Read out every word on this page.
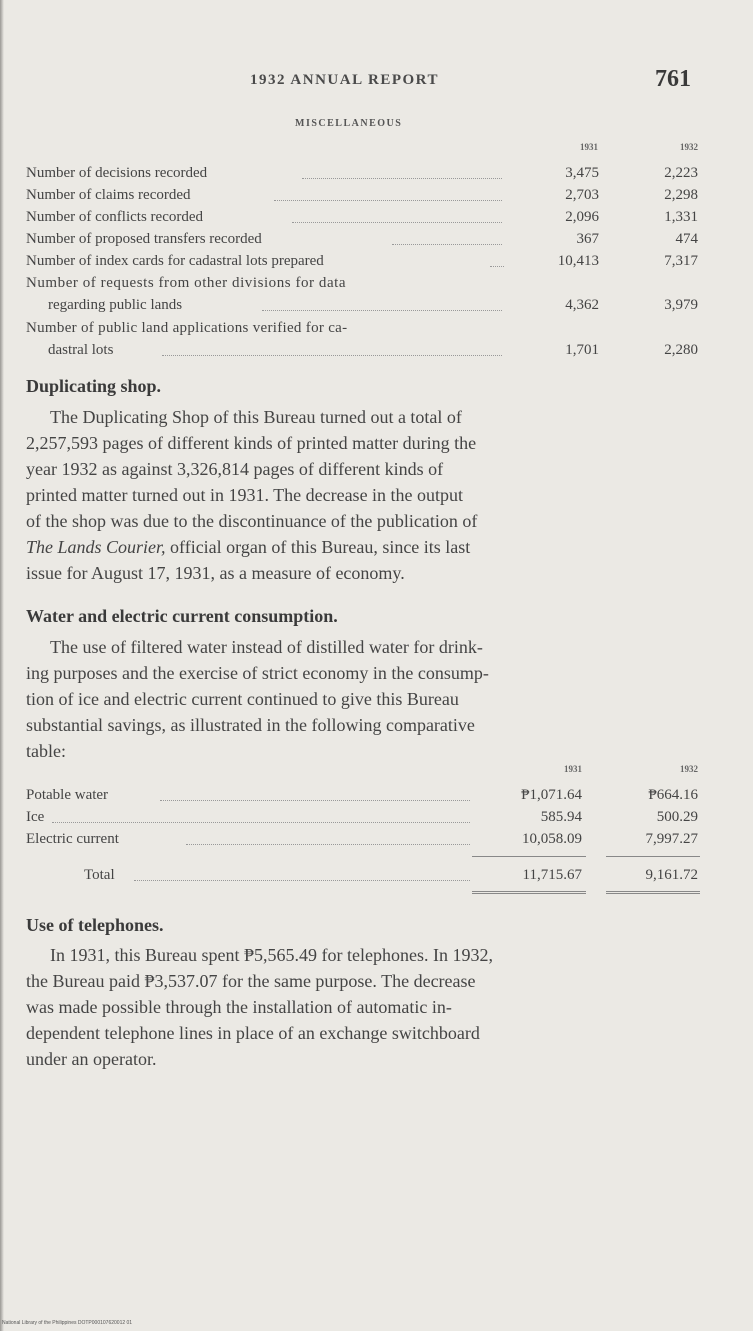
1932 ANNUAL REPORT	761
MISCELLANEOUS
1931	1932
Number of decisions recorded	3,475	2,223
Number of claims recorded	2,703	2,298
Number of conflicts recorded	2,096	1,331
Number of proposed transfers recorded	367	474
Number of index cards for cadastral lots prepared	10,413	7,317
Number of requests from other divisions for data
regarding public lands	4,362	3,979
Number of public land applications verified for ca-
dastral lots	1,701	2,280
Duplicating shop.
The Duplicating Shop of this Bureau turned out a total of
2,257,593 pages of different kinds of printed matter during the
year 1932 as against 3,326,814 pages of different kinds of
printed matter turned out in 1931. The decrease in the output
of the shop was due to the discontinuance of the publication of
The Lands Courier, official organ of this Bureau, since its last
issue for August 17, 1931, as a measure of economy.
Water and electric current consumption.
The use of filtered water instead of distilled water for drink-
ing purposes and the exercise of strict economy in the consump-
tion of ice and electric current continued to give this Bureau
substantial savings, as illustrated in the following comparative
table:
1931	1932
Potable water	₱1,071.64	₱664.16
Ice	585.94	500.29
Electric current	10,058.09	7,997.27
Total	11,715.67	9,161.72
Use of telephones.
In 1931, this Bureau spent ₱5,565.49 for telephones. In 1932,
the Bureau paid ₱3,537.07 for the same purpose. The decrease
was made possible through the installation of automatic in-
dependent telephone lines in place of an exchange switchboard
under an operator.
National Library of the Philippines DOTP000107620012 01
